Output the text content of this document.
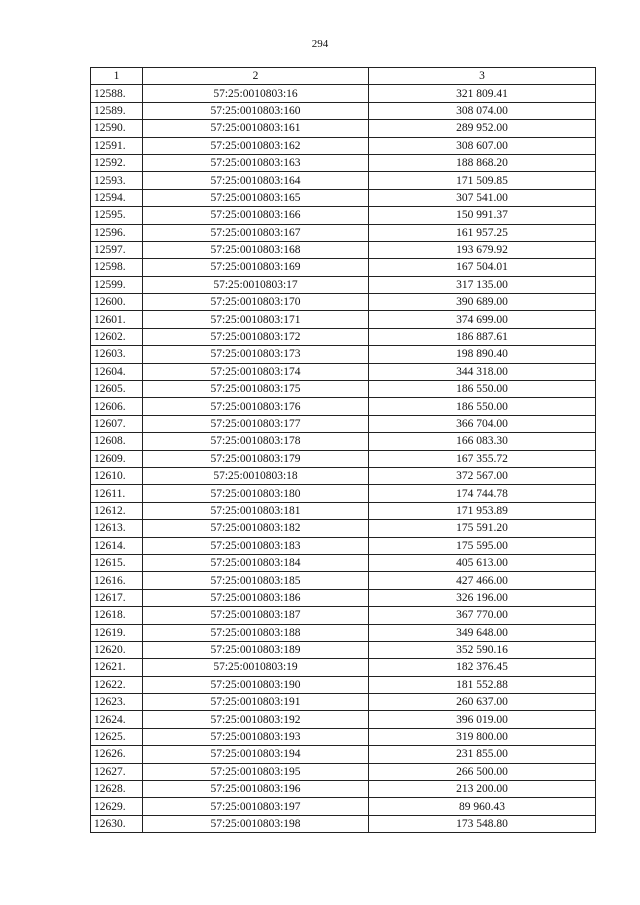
294
1	2	3
12588.	57:25:0010803:16	321 809.41
12589.	57:25:0010803:160	308 074.00
12590.	57:25:0010803:161	289 952.00
12591.	57:25:0010803:162	308 607.00
12592.	57:25:0010803:163	188 868.20
12593.	57:25:0010803:164	171 509.85
12594.	57:25:0010803:165	307 541.00
12595.	57:25:0010803:166	150 991.37
12596.	57:25:0010803:167	161 957.25
12597.	57:25:0010803:168	193 679.92
12598.	57:25:0010803:169	167 504.01
12599.	57:25:0010803:17	317 135.00
12600.	57:25:0010803:170	390 689.00
12601.	57:25:0010803:171	374 699.00
12602.	57:25:0010803:172	186 887.61
12603.	57:25:0010803:173	198 890.40
12604.	57:25:0010803:174	344 318.00
12605.	57:25:0010803:175	186 550.00
12606.	57:25:0010803:176	186 550.00
12607.	57:25:0010803:177	366 704.00
12608.	57:25:0010803:178	166 083.30
12609.	57:25:0010803:179	167 355.72
12610.	57:25:0010803:18	372 567.00
12611.	57:25:0010803:180	174 744.78
12612.	57:25:0010803:181	171 953.89
12613.	57:25:0010803:182	175 591.20
12614.	57:25:0010803:183	175 595.00
12615.	57:25:0010803:184	405 613.00
12616.	57:25:0010803:185	427 466.00
12617.	57:25:0010803:186	326 196.00
12618.	57:25:0010803:187	367 770.00
12619.	57:25:0010803:188	349 648.00
12620.	57:25:0010803:189	352 590.16
12621.	57:25:0010803:19	182 376.45
12622.	57:25:0010803:190	181 552.88
12623.	57:25:0010803:191	260 637.00
12624.	57:25:0010803:192	396 019.00
12625.	57:25:0010803:193	319 800.00
12626.	57:25:0010803:194	231 855.00
12627.	57:25:0010803:195	266 500.00
12628.	57:25:0010803:196	213 200.00
12629.	57:25:0010803:197	89 960.43
12630.	57:25:0010803:198	173 548.80
